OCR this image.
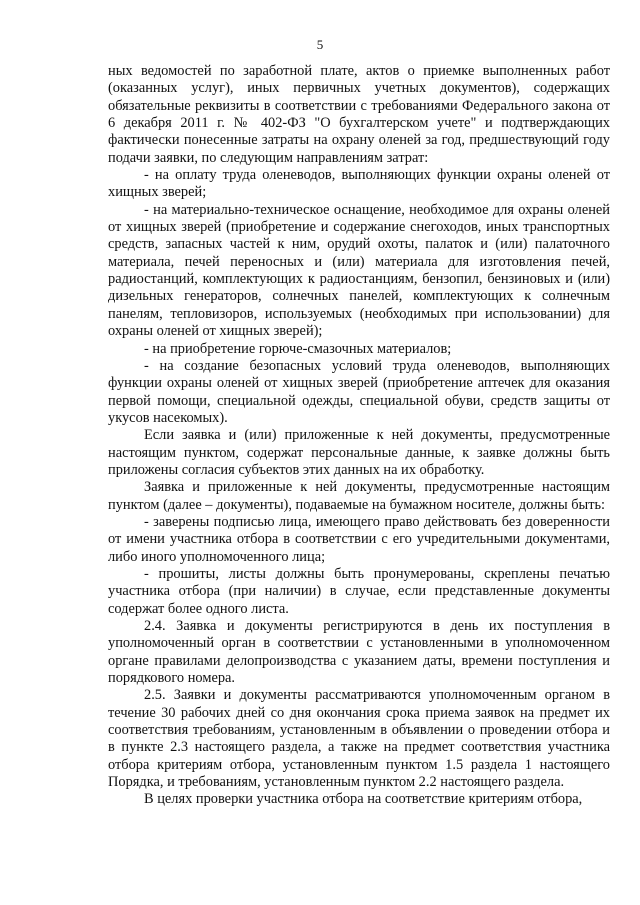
5

ных ведомостей по заработной плате, актов о приемке выполненных работ (оказанных услуг), иных первичных учетных документов), содержащих обязательные реквизиты в соответствии с требованиями Федерального закона от 6 декабря 2011 г. № 402-ФЗ "О бухгалтерском учете" и подтверждающих фактически понесенные затраты на охрану оленей за год, предшествующий году подачи заявки, по следующим направлениям затрат:

- на оплату труда оленеводов, выполняющих функции охраны оленей от хищных зверей;

- на материально-техническое оснащение, необходимое для охраны оленей от хищных зверей (приобретение и содержание снегоходов, иных транспортных средств, запасных частей к ним, орудий охоты, палаток и (или) палаточного материала, печей переносных и (или) материала для изготовления печей, радиостанций, комплектующих к радиостанциям, бензопил, бензиновых и (или) дизельных генераторов, солнечных панелей, комплектующих к солнечным панелям, тепловизоров, используемых (необходимых при использовании) для охраны оленей от хищных зверей);

- на приобретение горюче-смазочных материалов;

- на создание безопасных условий труда оленеводов, выполняющих функции охраны оленей от хищных зверей (приобретение аптечек для оказания первой помощи, специальной одежды, специальной обуви, средств защиты от укусов насекомых).

Если заявка и (или) приложенные к ней документы, предусмотренные настоящим пунктом, содержат персональные данные, к заявке должны быть приложены согласия субъектов этих данных на их обработку.

Заявка и приложенные к ней документы, предусмотренные настоящим пунктом (далее – документы), подаваемые на бумажном носителе, должны быть:

- заверены подписью лица, имеющего право действовать без доверенности от имени участника отбора в соответствии с его учредительными документами, либо иного уполномоченного лица;

- прошиты, листы должны быть пронумерованы, скреплены печатью участника отбора (при наличии) в случае, если представленные документы содержат более одного листа.

2.4. Заявка и документы регистрируются в день их поступления в уполномоченный орган в соответствии с установленными в уполномоченном органе правилами делопроизводства с указанием даты, времени поступления и порядкового номера.

2.5. Заявки и документы рассматриваются уполномоченным органом в течение 30 рабочих дней со дня окончания срока приема заявок на предмет их соответствия требованиям, установленным в объявлении о проведении отбора и в пункте 2.3 настоящего раздела, а также на предмет соответствия участника отбора критериям отбора, установленным пунктом 1.5 раздела 1 настоящего Порядка, и требованиям, установленным пунктом 2.2 настоящего раздела.

В целях проверки участника отбора на соответствие критериям отбора,
